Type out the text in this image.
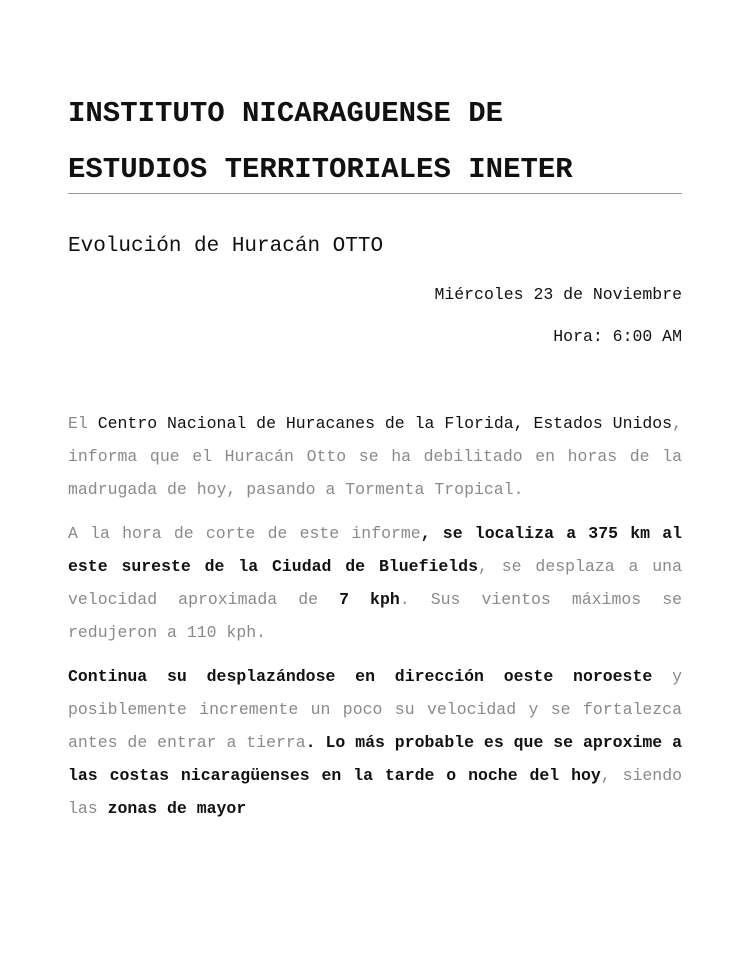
INSTITUTO NICARAGUENSE DE
ESTUDIOS TERRITORIALES INETER
Evolución de Huracán OTTO
Miércoles 23 de Noviembre
Hora: 6:00 AM

El Centro Nacional de Huracanes de la Florida, Estados Unidos, informa que el Huracán Otto se ha debilitado en horas de la madrugada de hoy, pasando a Tormenta Tropical.

A la hora de corte de este informe, se localiza a 375 km al este sureste de la Ciudad de Bluefields, se desplaza a una velocidad aproximada de 7 kph. Sus vientos máximos se redujeron a 110 kph.

Continua su desplazándose en dirección oeste noroeste y posiblemente incremente un poco su velocidad y se fortalezca antes de entrar a tierra. Lo más probable es que se aproxime a las costas nicaragüenses en la tarde o noche del hoy, siendo las zonas de mayor
